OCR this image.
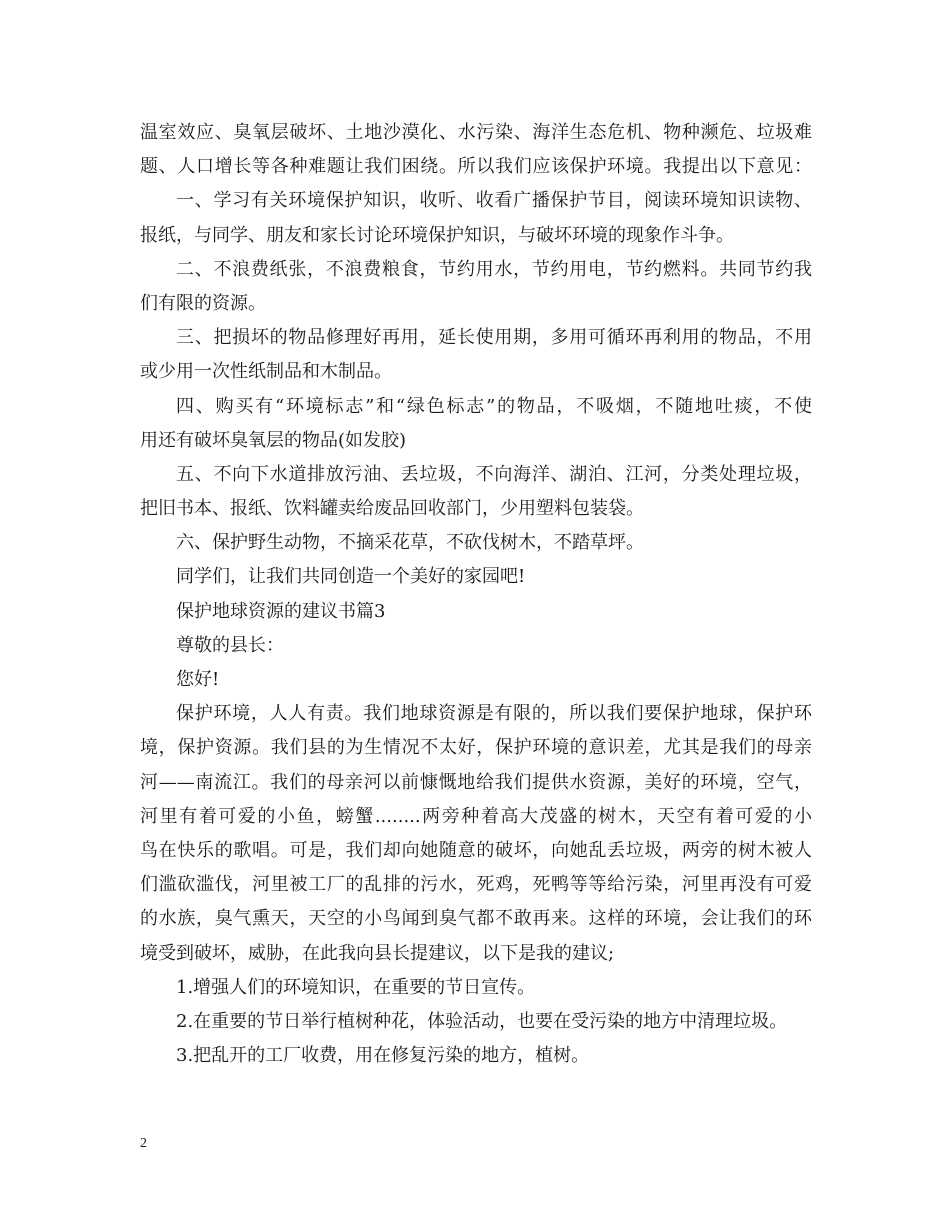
温室效应、臭氧层破坏、土地沙漠化、水污染、海洋生态危机、物种濒危、垃圾难
题、人口增长等各种难题让我们困绕。所以我们应该保护环境。我提出以下意见：
一、学习有关环境保护知识，收听、收看广播保护节目，阅读环境知识读物、
报纸，与同学、朋友和家长讨论环境保护知识，与破坏环境的现象作斗争。
二、不浪费纸张，不浪费粮食，节约用水，节约用电，节约燃料。共同节约我
们有限的资源。
三、把损坏的物品修理好再用，延长使用期，多用可循环再利用的物品，不用
或少用一次性纸制品和木制品。
四、购买有“环境标志”和“绿色标志”的物品，不吸烟，不随地吐痰，不使
用还有破坏臭氧层的物品(如发胶)
五、不向下水道排放污油、丢垃圾，不向海洋、湖泊、江河，分类处理垃圾，
把旧书本、报纸、饮料罐卖给废品回收部门，少用塑料包装袋。
六、保护野生动物，不摘采花草，不砍伐树木，不踏草坪。
同学们，让我们共同创造一个美好的家园吧!
保护地球资源的建议书篇3
尊敬的县长：
您好!
保护环境，人人有责。我们地球资源是有限的，所以我们要保护地球，保护环
境，保护资源。我们县的为生情况不太好，保护环境的意识差，尤其是我们的母亲
河——南流江。我们的母亲河以前慷慨地给我们提供水资源，美好的环境，空气，
河里有着可爱的小鱼，螃蟹........两旁种着高大茂盛的树木，天空有着可爱的小
鸟在快乐的歌唱。可是，我们却向她随意的破坏，向她乱丢垃圾，两旁的树木被人
们滥砍滥伐，河里被工厂的乱排的污水，死鸡，死鸭等等给污染，河里再没有可爱
的水族，臭气熏天，天空的小鸟闻到臭气都不敢再来。这样的环境，会让我们的环
境受到破坏，威胁，在此我向县长提建议，以下是我的建议;
1.增强人们的环境知识，在重要的节日宣传。
2.在重要的节日举行植树种花，体验活动，也要在受污染的地方中清理垃圾。
3.把乱开的工厂收费，用在修复污染的地方，植树。
2
